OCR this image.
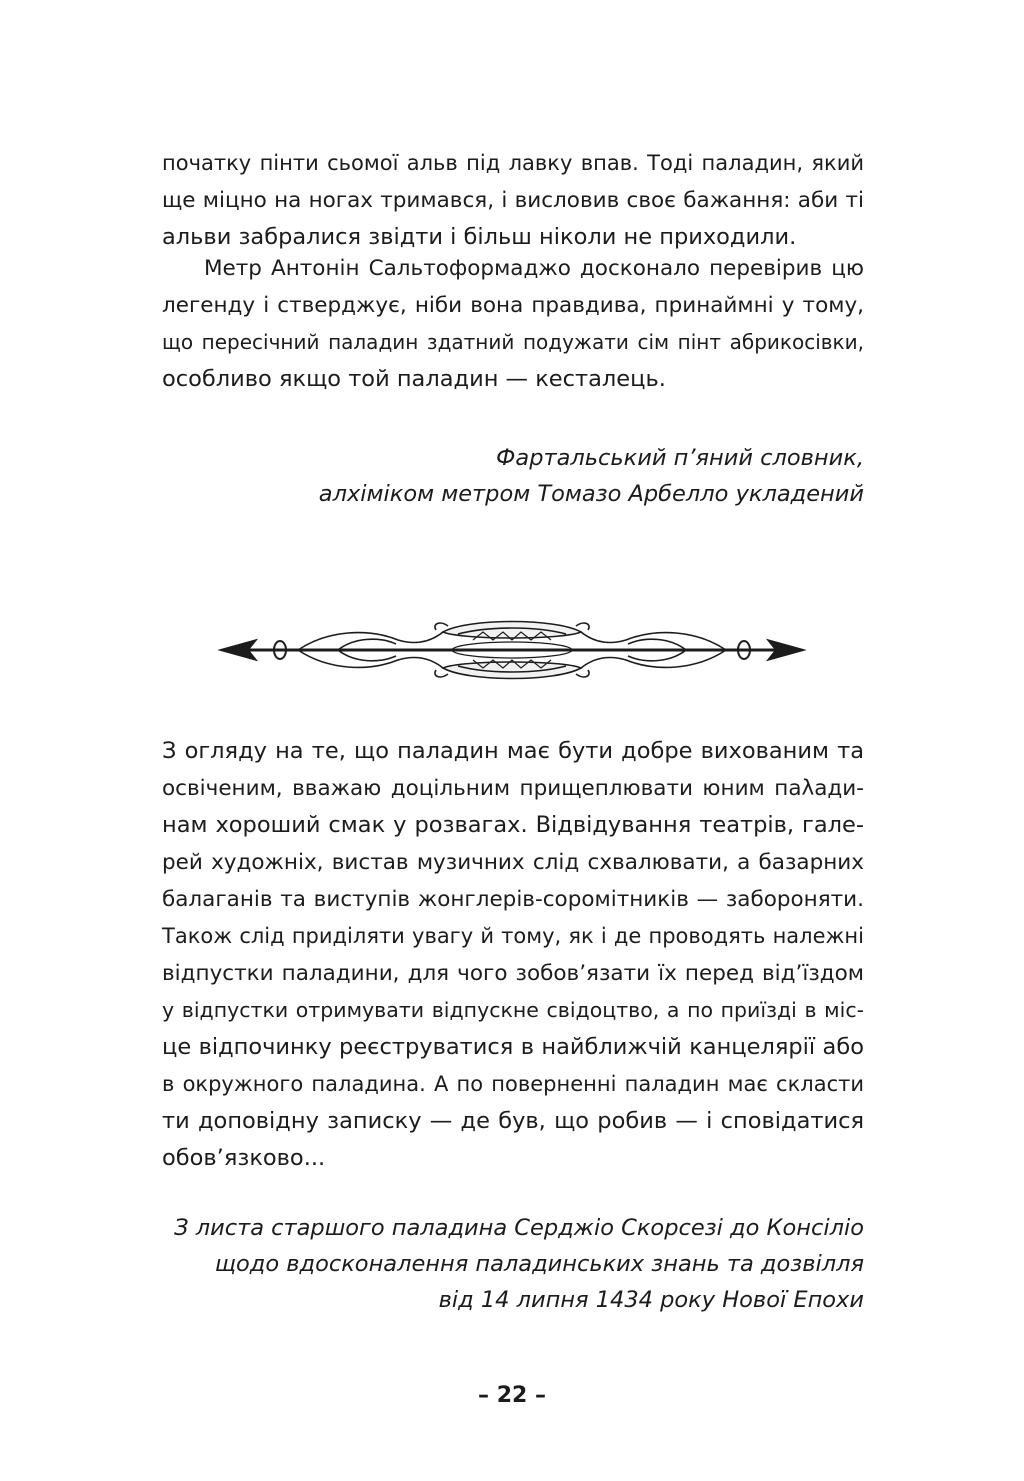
початку пінти сьомої альв під лавку впав. Тоді паладин, який
ще міцно на ногах тримався, і висловив своє бажання: аби ті
альви забралися звідти і більш ніколи не приходили.
Метр Антонін Сальтоформаджо досконало перевірив цю
легенду і стверджує, ніби вона правдива, принаймні у тому,
що пересічний паладин здатний подужати сім пінт абрикосівки,
особливо якщо той паладин — кесталець.
Фартальський п’яний словник,
алхіміком метром Томазо Арбелло укладений
З огляду на те, що паладин має бути добре вихованим та
освіченим, вважаю доцільним прищеплювати юним паλади-
нам хороший смак у розвагах. Відвідування театрів, гале-
рей художніх, вистав музичних слід схвалювати, а базарних
балаганів та виступів жонглерів-соромітників — забороняти.
Також слід приділяти увагу й тому, як і де проводять належні
відпустки паладини, для чого зобов’язати їх перед від’їздом
у відпустки отримувати відпускне свідоцтво, а по приїзді в міс-
це відпочинку реєструватися в найближчій канцелярії або
в окружного паладина. А по поверненні паладин має скласти
ти доповідну записку — де був, що робив — і сповідатися
обов’язково...
З листа старшого паладина Серджіо Скорсезі до Консіліо
щодо вдосконалення паладинських знань та дозвілля
від 14 липня 1434 року Нової Епохи
– 22 –
